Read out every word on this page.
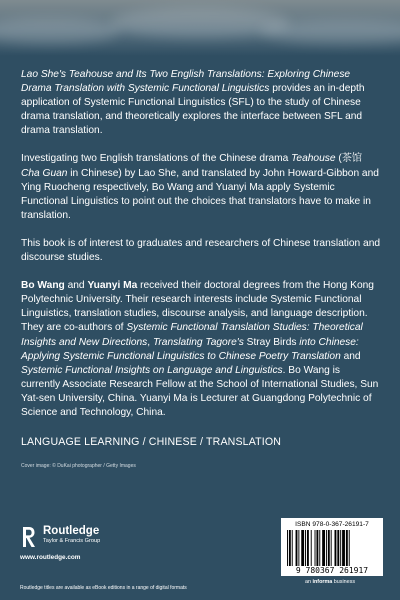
Lao She's Teahouse and Its Two English Translations: Exploring Chinese Drama Translation with Systemic Functional Linguistics provides an in-depth application of Systemic Functional Linguistics (SFL) to the study of Chinese drama translation, and theoretically explores the interface between SFL and drama translation.

Investigating two English translations of the Chinese drama Teahouse (茶馆 Cha Guan in Chinese) by Lao She, and translated by John Howard-Gibbon and Ying Ruocheng respectively, Bo Wang and Yuanyi Ma apply Systemic Functional Linguistics to point out the choices that translators have to make in translation.

This book is of interest to graduates and researchers of Chinese translation and discourse studies.

Bo Wang and Yuanyi Ma received their doctoral degrees from the Hong Kong Polytechnic University. Their research interests include Systemic Functional Linguistics, translation studies, discourse analysis, and language description. They are co-authors of Systemic Functional Translation Studies: Theoretical Insights and New Directions, Translating Tagore's Stray Birds into Chinese: Applying Systemic Functional Linguistics to Chinese Poetry Translation and Systemic Functional Insights on Language and Linguistics. Bo Wang is currently Associate Research Fellow at the School of International Studies, Sun Yat-sen University, China. Yuanyi Ma is Lecturer at Guangdong Polytechnic of Science and Technology, China.

LANGUAGE LEARNING / CHINESE / TRANSLATION
Cover image: © DuKai photographer / Getty Images
Routledge
Taylor & Francis Group
www.routledge.com
Routledge titles are available as eBook editions in a range of digital formats
ISBN 978-0-367-26191-7
9 780367 261917
an informa business
